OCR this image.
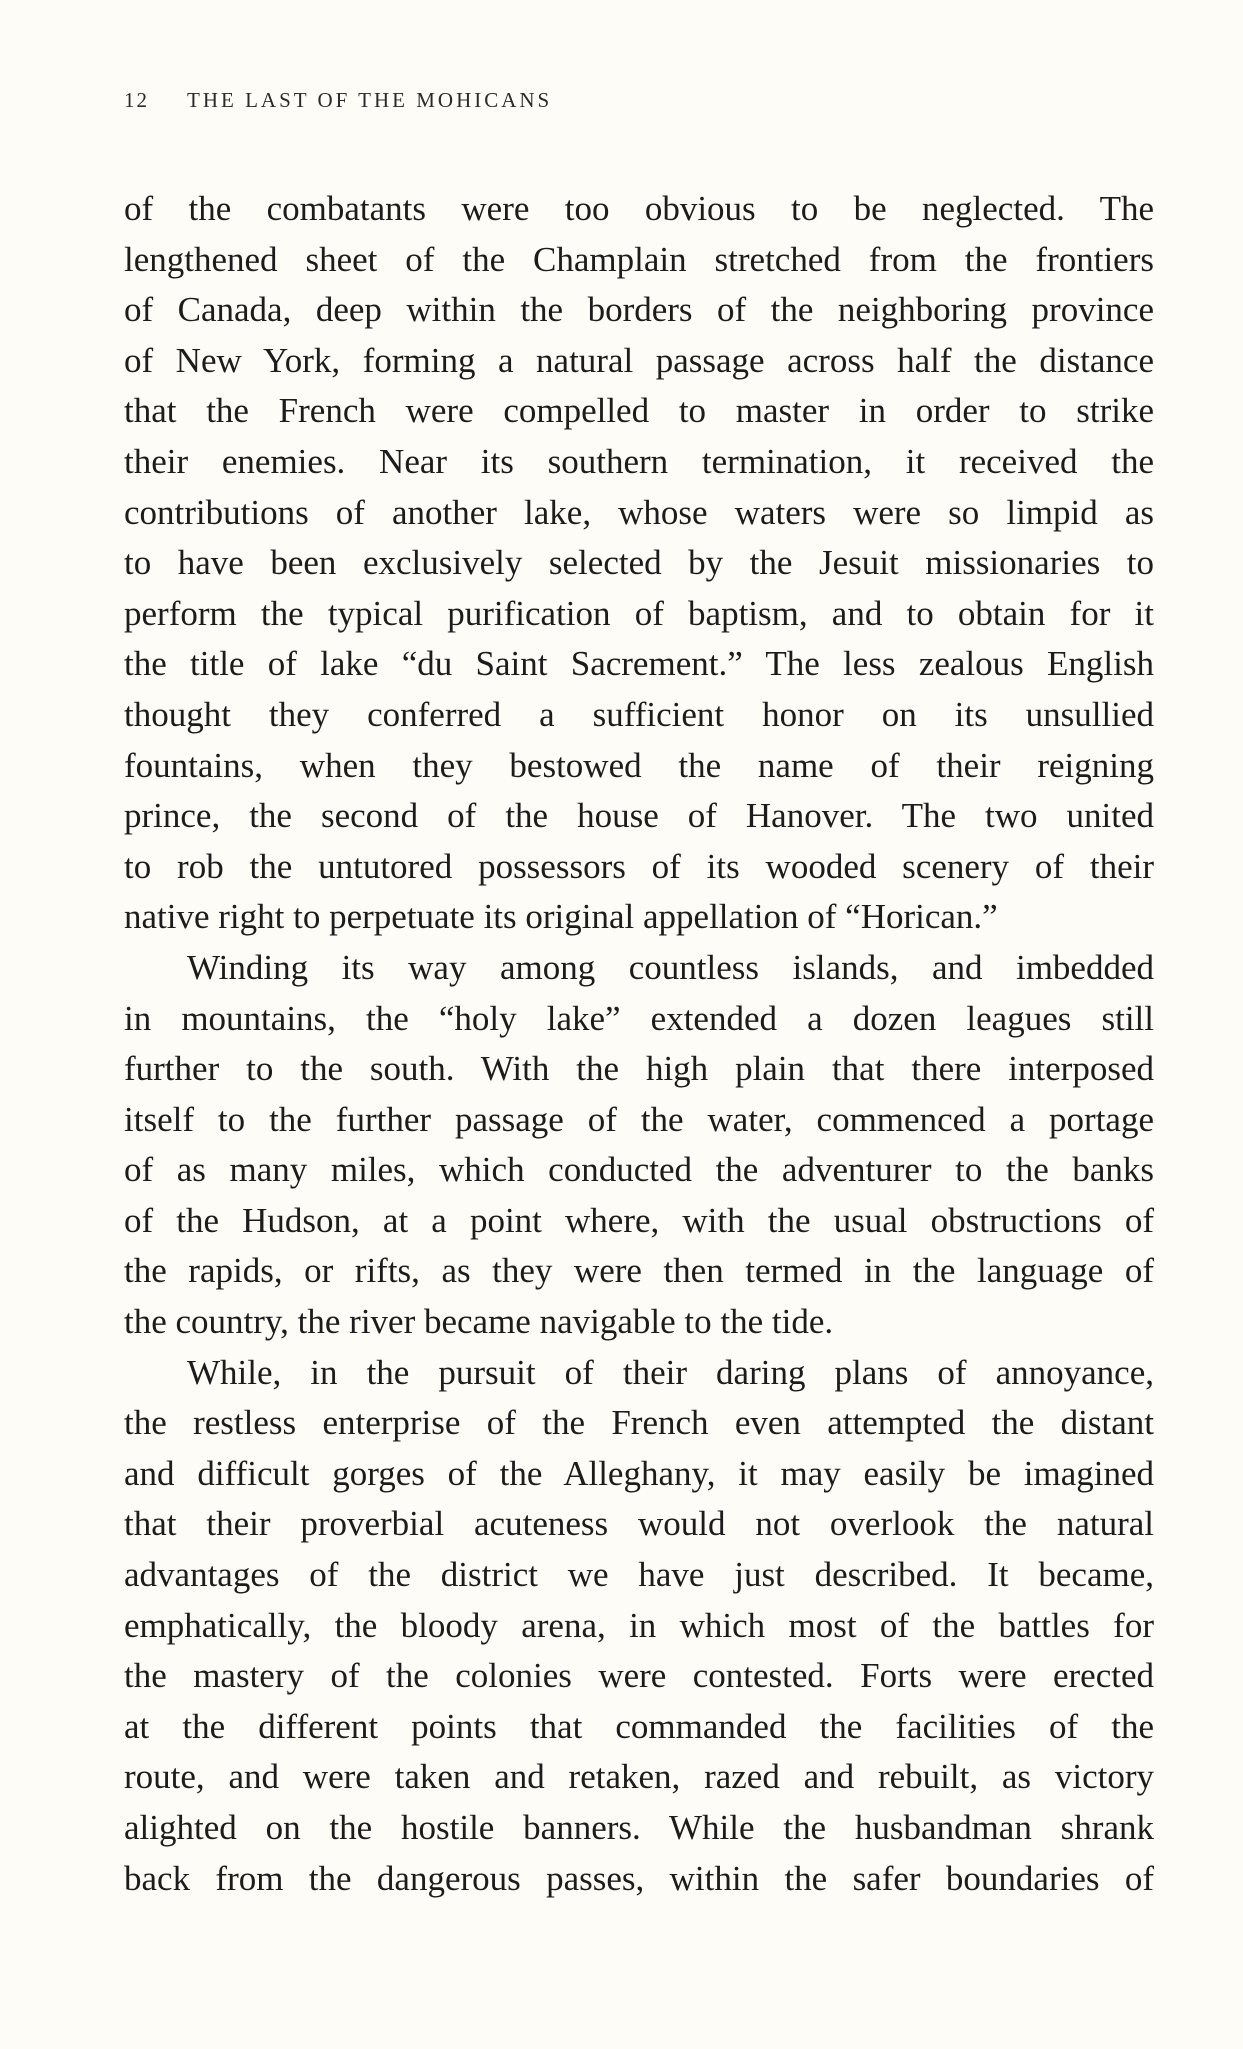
12 THE LAST OF THE MOHICANS
of the combatants were too obvious to be neglected. The
lengthened sheet of the Champlain stretched from the frontiers
of Canada, deep within the borders of the neighboring province
of New York, forming a natural passage across half the distance
that the French were compelled to master in order to strike
their enemies. Near its southern termination, it received the
contributions of another lake, whose waters were so limpid as
to have been exclusively selected by the Jesuit missionaries to
perform the typical purification of baptism, and to obtain for it
the title of lake “du Saint Sacrement.” The less zealous English
thought they conferred a sufficient honor on its unsullied
fountains, when they bestowed the name of their reigning
prince, the second of the house of Hanover. The two united
to rob the untutored possessors of its wooded scenery of their
native right to perpetuate its original appellation of “Horican.”
Winding its way among countless islands, and imbedded
in mountains, the “holy lake” extended a dozen leagues still
further to the south. With the high plain that there interposed
itself to the further passage of the water, commenced a portage
of as many miles, which conducted the adventurer to the banks
of the Hudson, at a point where, with the usual obstructions of
the rapids, or rifts, as they were then termed in the language of
the country, the river became navigable to the tide.
While, in the pursuit of their daring plans of annoyance,
the restless enterprise of the French even attempted the distant
and difficult gorges of the Alleghany, it may easily be imagined
that their proverbial acuteness would not overlook the natural
advantages of the district we have just described. It became,
emphatically, the bloody arena, in which most of the battles for
the mastery of the colonies were contested. Forts were erected
at the different points that commanded the facilities of the
route, and were taken and retaken, razed and rebuilt, as victory
alighted on the hostile banners. While the husbandman shrank
back from the dangerous passes, within the safer boundaries of
